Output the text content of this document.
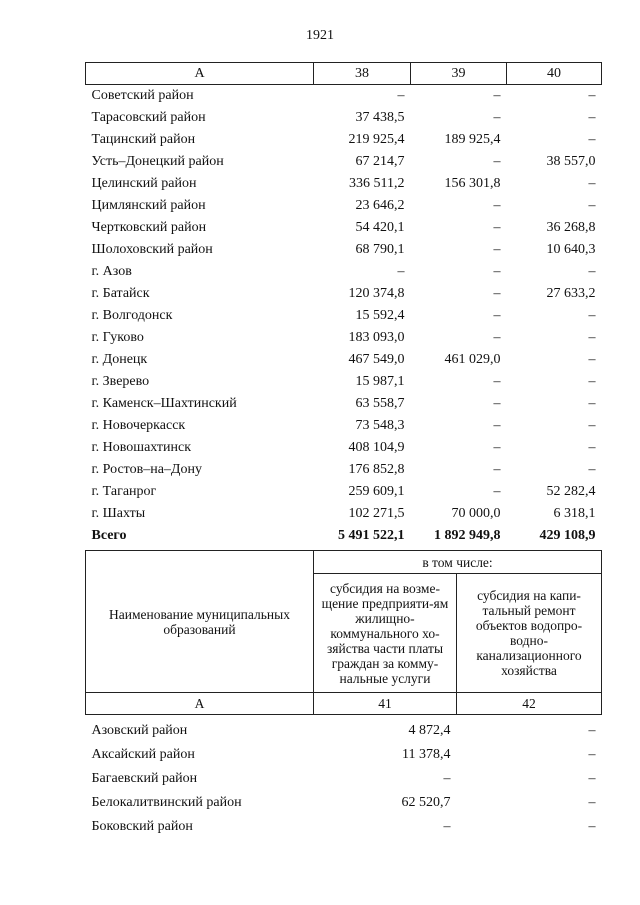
1921
А	38	39	40
Советский район	–	–	–
Тарасовский район	37 438,5	–	–
Тацинский район	219 925,4	189 925,4	–
Усть–Донецкий район	67 214,7	–	38 557,0
Целинский район	336 511,2	156 301,8	–
Цимлянский район	23 646,2	–	–
Чертковский район	54 420,1	–	36 268,8
Шолоховский район	68 790,1	–	10 640,3
г. Азов	–	–	–
г. Батайск	120 374,8	–	27 633,2
г. Волгодонск	15 592,4	–	–
г. Гуково	183 093,0	–	–
г. Донецк	467 549,0	461 029,0	–
г. Зверево	15 987,1	–	–
г. Каменск–Шахтинский	63 558,7	–	–
г. Новочеркасск	73 548,3	–	–
г. Новошахтинск	408 104,9	–	–
г. Ростов–на–Дону	176 852,8	–	–
г. Таганрог	259 609,1	–	52 282,4
г. Шахты	102 271,5	70 000,0	6 318,1
Всего	5 491 522,1	1 892 949,8	429 108,9
Наименование муниципальных образований	в том числе:	
	субсидия на возме-щение предприяти-ям жилищно-коммунального хо-зяйства части платы граждан за комму-нальные услуги	субсидия на капи-тальный ремонт объектов водопро-водно-канализационного хозяйства
А	41	42
Азовский район	4 872,4	–
Аксайский район	11 378,4	–
Багаевский район	–	–
Белокалитвинский район	62 520,7	–
Боковский район	–	–
